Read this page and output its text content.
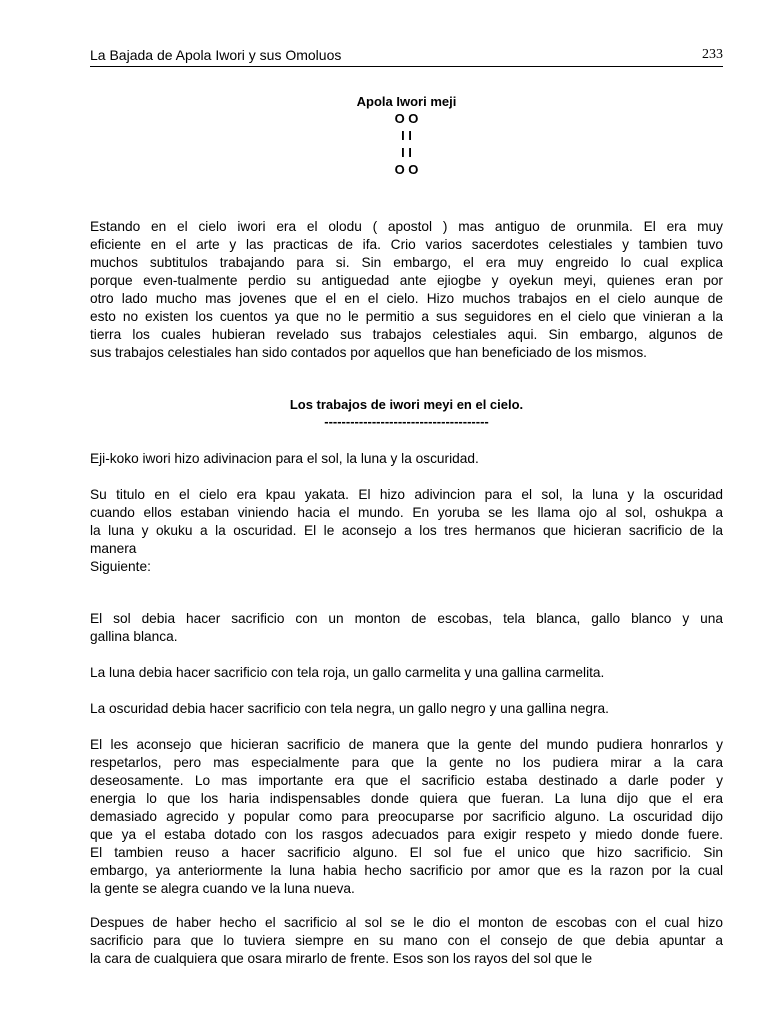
La Bajada de Apola Iwori y sus Omoluos	233
Apola Iwori meji
O O
I I
I I
O O
Estando en el cielo iwori era el olodu ( apostol ) mas antiguo de orunmila. El era muy
eficiente en el arte y las practicas de ifa. Crio varios sacerdotes celestiales y tambien tuvo
muchos subtitulos trabajando para si. Sin embargo, el era muy engreido lo cual explica
porque even-tualmente perdio su antiguedad ante ejiogbe y oyekun meyi, quienes eran por
otro lado mucho mas jovenes que el en el cielo. Hizo muchos trabajos en el cielo aunque de
esto no existen los cuentos ya que no le permitio a sus seguidores en el cielo que vinieran a la
tierra los cuales hubieran revelado sus trabajos celestiales aqui. Sin embargo, algunos de
sus trabajos celestiales han sido contados por aquellos que han beneficiado de los mismos.
Los trabajos de iwori meyi en el cielo.
--------------------------------------
Eji-koko iwori hizo adivinacion para el sol, la luna y la oscuridad.
Su titulo en el cielo era kpau yakata. El hizo adivincion para el sol, la luna y la oscuridad
cuando ellos estaban viniendo hacia el mundo. En yoruba se les llama ojo al sol, oshukpa a
la luna y okuku a la oscuridad. El le aconsejo a los tres hermanos que hicieran sacrificio de la
manera
Siguiente:
El sol debia hacer sacrificio con un monton de escobas, tela blanca, gallo blanco y una
gallina blanca.
La luna debia hacer sacrificio con tela roja, un gallo carmelita y una gallina carmelita.
La oscuridad debia hacer sacrificio con tela negra, un gallo negro y una gallina negra.
El les aconsejo que hicieran sacrificio de manera que la gente del mundo pudiera honrarlos y
respetarlos, pero mas especialmente para que la gente no los pudiera mirar a la cara
deseosamente. Lo mas importante era que el sacrificio estaba destinado a darle poder y
energia lo que los haria indispensables donde quiera que fueran. La luna dijo que el era
demasiado agrecido y popular como para preocuparse por sacrificio alguno. La oscuridad dijo
que ya el estaba dotado con los rasgos adecuados para exigir respeto y miedo donde fuere.
El tambien reuso a hacer sacrificio alguno. El sol fue el unico que hizo sacrificio. Sin
embargo, ya anteriormente la luna habia hecho sacrificio por amor que es la razon por la cual
la gente se alegra cuando ve la luna nueva.
Despues de haber hecho el sacrificio al sol se le dio el monton de escobas con el cual hizo
sacrificio para que lo tuviera siempre en su mano con el consejo de que debia apuntar a
la cara de cualquiera que osara mirarlo de frente. Esos son los rayos del sol que le
